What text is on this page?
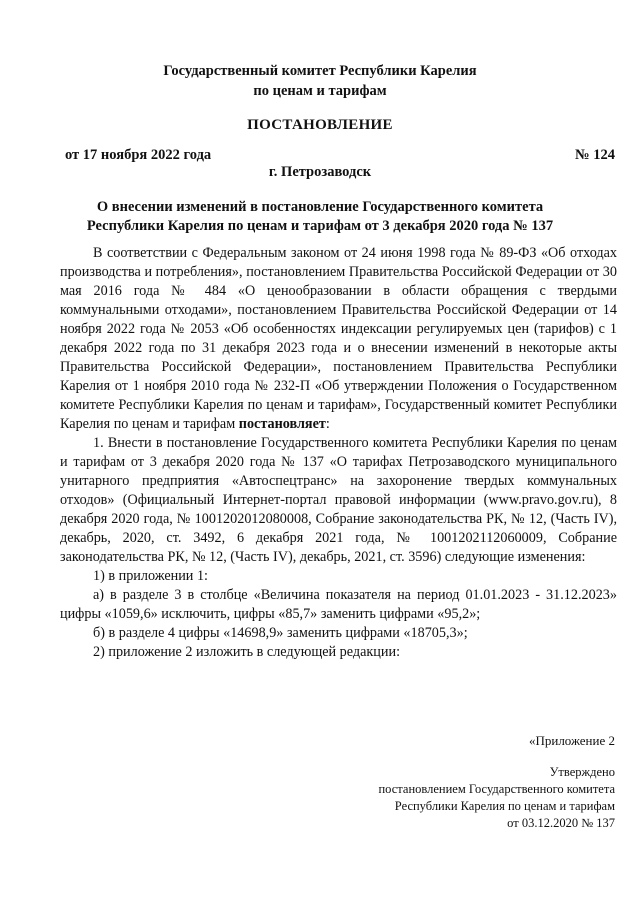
Государственный комитет Республики Карелия
по ценам и тарифам
ПОСТАНОВЛЕНИЕ
от 17 ноября 2022 года	№ 124
г. Петрозаводск
О внесении изменений в постановление Государственного комитета
Республики Карелия по ценам и тарифам от 3 декабря 2020 года № 137

В соответствии с Федеральным законом от 24 июня 1998 года № 89-ФЗ «Об отходах производства и потребления», постановлением Правительства Российской Федерации от 30 мая 2016 года № 484 «О ценообразовании в области обращения с твердыми коммунальными отходами», постановлением Правительства Российской Федерации от 14 ноября 2022 года № 2053 «Об особенностях индексации регулируемых цен (тарифов) с 1 декабря 2022 года по 31 декабря 2023 года и о внесении изменений в некоторые акты Правительства Российской Федерации», постановлением Правительства Республики Карелия от 1 ноября 2010 года № 232-П «Об утверждении Положения о Государственном комитете Республики Карелия по ценам и тарифам», Государственный комитет Республики Карелия по ценам и тарифам постановляет:

1. Внести в постановление Государственного комитета Республики Карелия по ценам и тарифам от 3 декабря 2020 года № 137 «О тарифах Петрозаводского муниципального унитарного предприятия «Автоспецтранс» на захоронение твердых коммунальных отходов» (Официальный Интернет-портал правовой информации (www.pravo.gov.ru), 8 декабря 2020 года, № 1001202012080008, Собрание законодательства РК, № 12, (Часть IV), декабрь, 2020, ст. 3492, 6 декабря 2021 года, № 1001202112060009, Собрание законодательства РК, № 12, (Часть IV), декабрь, 2021, ст. 3596) следующие изменения:

1) в приложении 1:

а) в разделе 3 в столбце «Величина показателя на период 01.01.2023 - 31.12.2023» цифры «1059,6» исключить, цифры «85,7» заменить цифрами «95,2»;

б) в разделе 4 цифры «14698,9» заменить цифрами «18705,3»;

2) приложение 2 изложить в следующей редакции:

«Приложение 2
Утверждено
постановлением Государственного комитета
Республики Карелия по ценам и тарифам
от 03.12.2020 № 137
